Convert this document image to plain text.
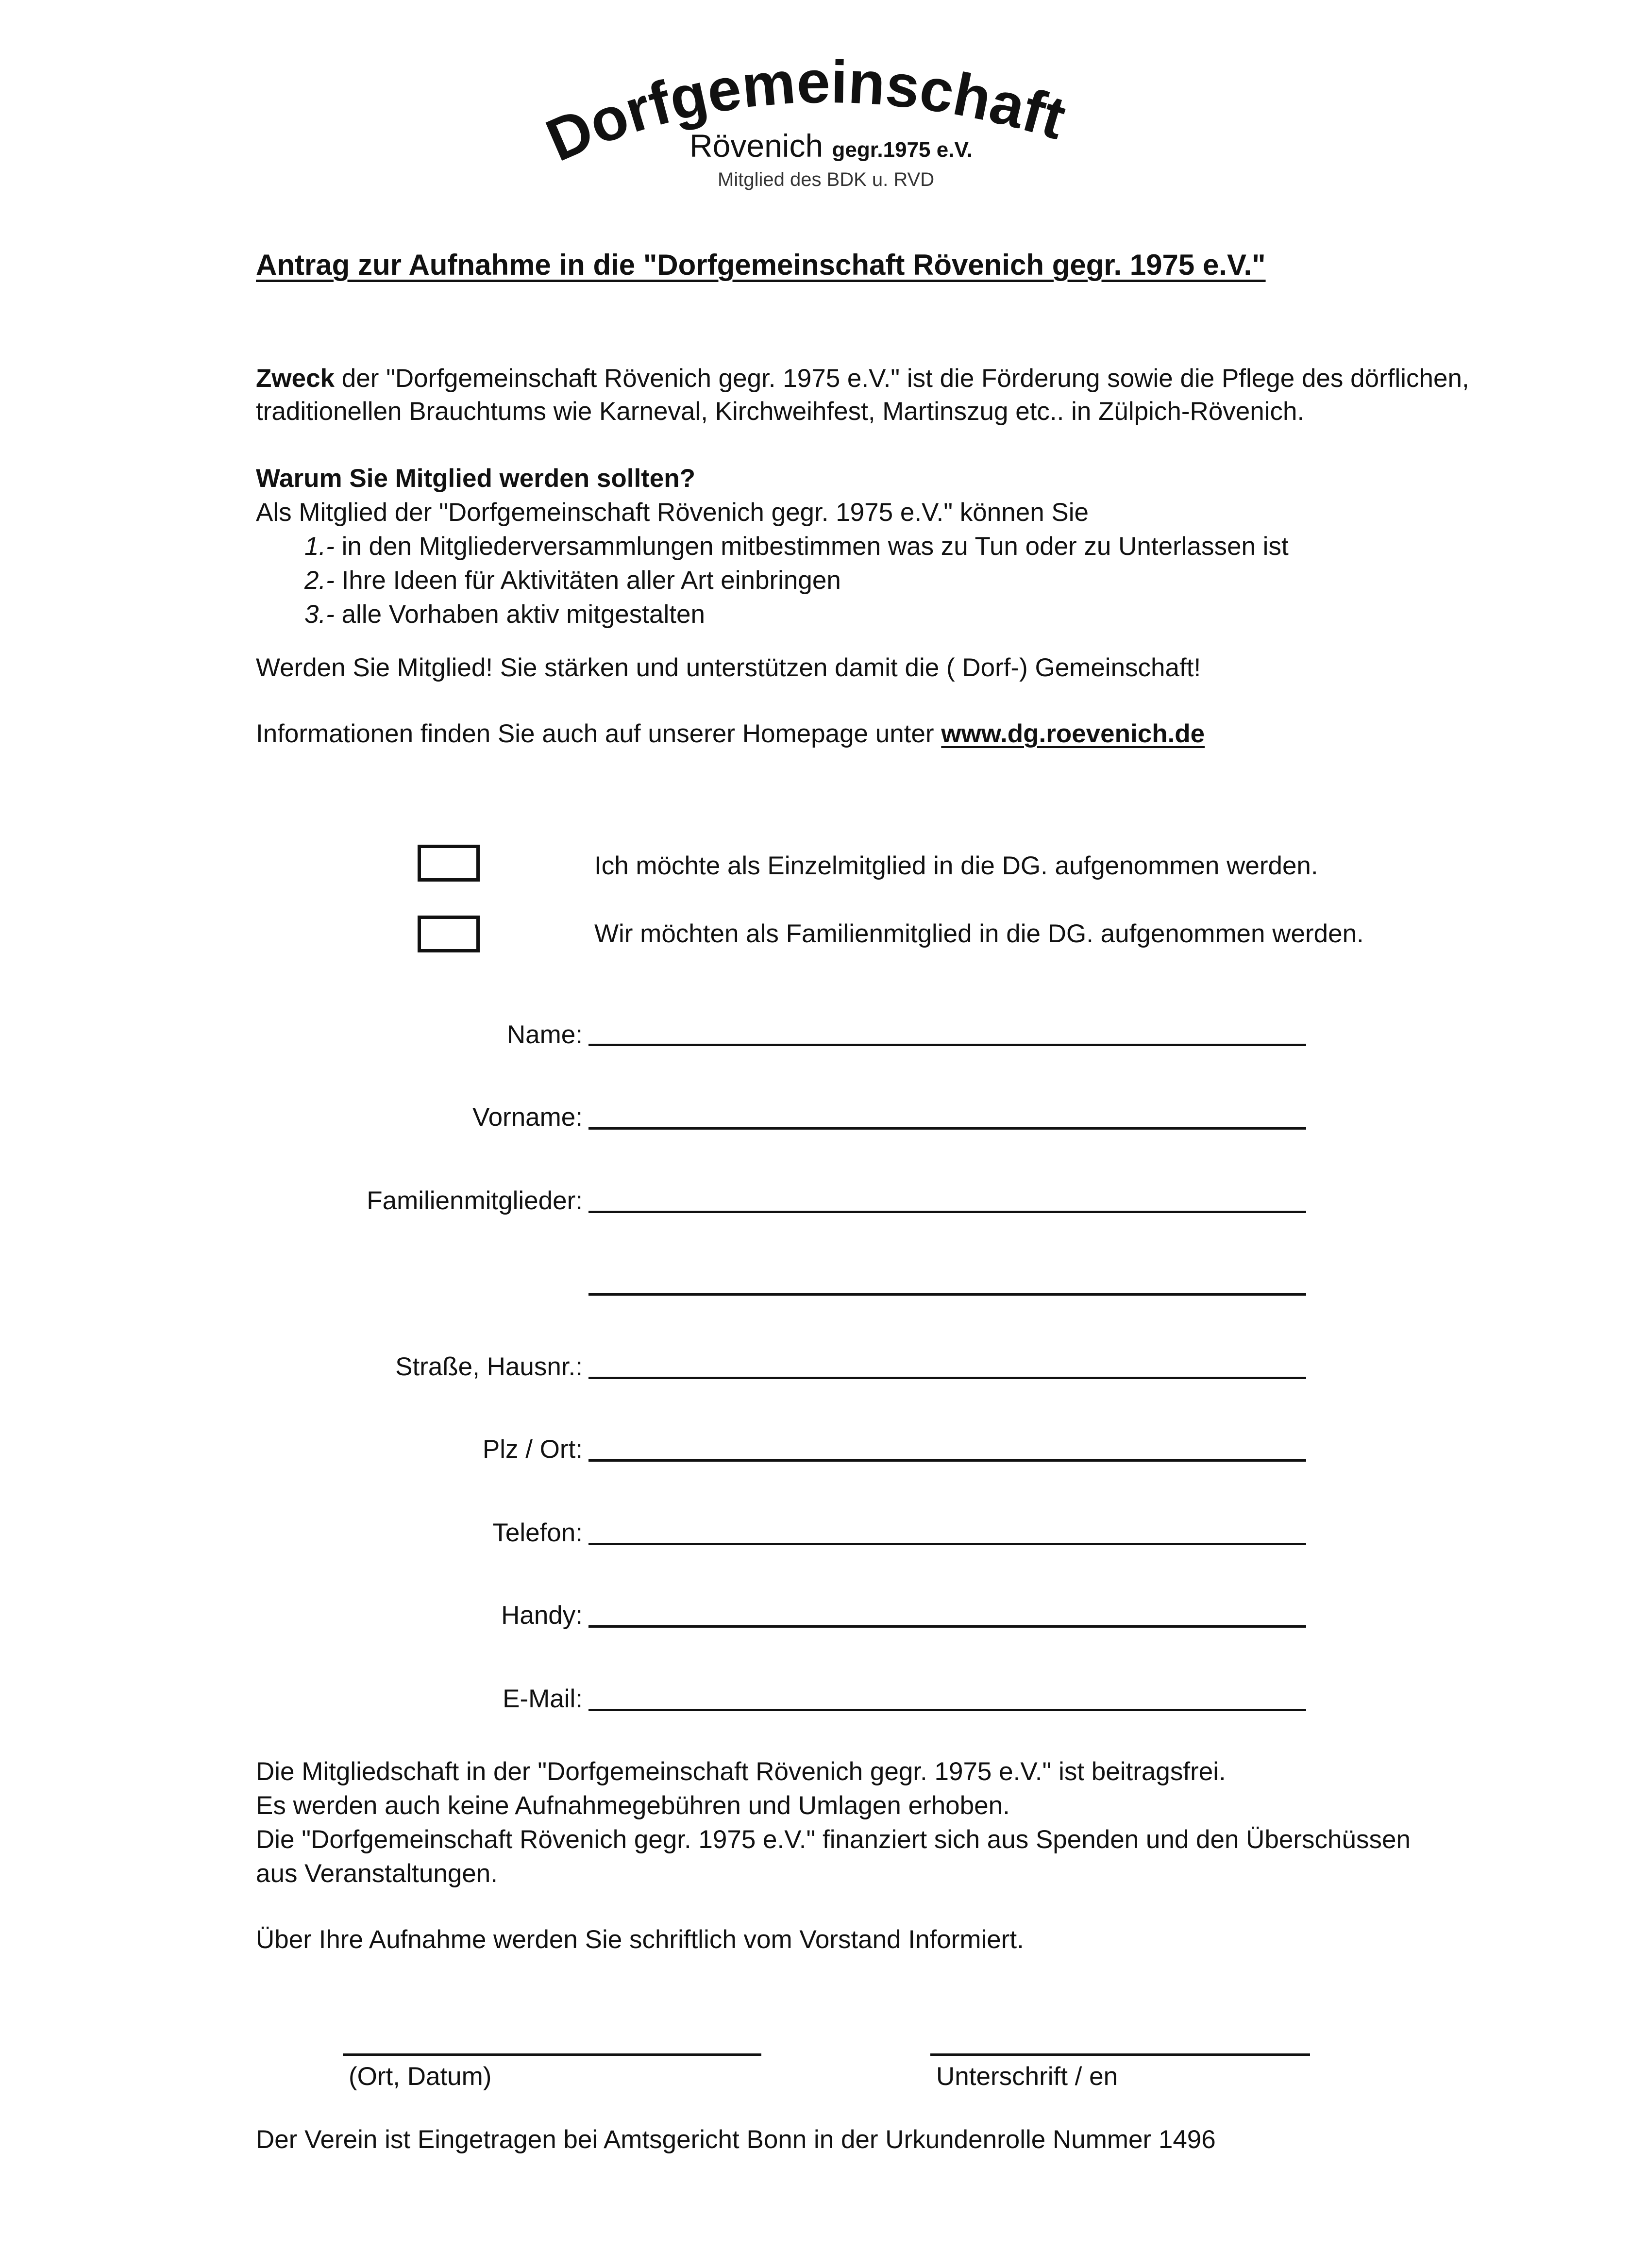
Dorfgemeinschaft
Rövenich gegr.1975 e.V.
Mitglied des BDK u. RVD
Antrag zur Aufnahme in die "Dorfgemeinschaft Rövenich gegr. 1975 e.V."
Zweck der "Dorfgemeinschaft Rövenich gegr. 1975 e.V." ist die Förderung sowie die Pflege des dörflichen,
traditionellen Brauchtums wie Karneval, Kirchweihfest, Martinszug etc.. in Zülpich-Rövenich.
Warum Sie Mitglied werden sollten?
Als Mitglied der "Dorfgemeinschaft Rövenich gegr. 1975 e.V." können Sie
1.- in den Mitgliederversammlungen mitbestimmen was zu Tun oder zu Unterlassen ist
2.- Ihre Ideen für Aktivitäten aller Art einbringen
3.- alle Vorhaben aktiv mitgestalten
Werden Sie Mitglied! Sie stärken und unterstützen damit die ( Dorf-) Gemeinschaft!
Informationen finden Sie auch auf unserer Homepage unter www.dg.roevenich.de
Ich möchte als Einzelmitglied in die DG. aufgenommen werden.
Wir möchten als Familienmitglied in die DG. aufgenommen werden.
Name:
Vorname:
Familienmitglieder:
Straße, Hausnr.:
Plz / Ort:
Telefon:
Handy:
E-Mail:
Die Mitgliedschaft in der "Dorfgemeinschaft Rövenich gegr. 1975 e.V." ist beitragsfrei.
Es werden auch keine Aufnahmegebühren und Umlagen erhoben.
Die "Dorfgemeinschaft Rövenich gegr. 1975 e.V." finanziert sich aus Spenden und den Überschüssen
aus Veranstaltungen.
Über Ihre Aufnahme werden Sie schriftlich vom Vorstand Informiert.
(Ort, Datum)	Unterschrift / en
Der Verein ist Eingetragen bei Amtsgericht Bonn in der Urkundenrolle Nummer 1496
